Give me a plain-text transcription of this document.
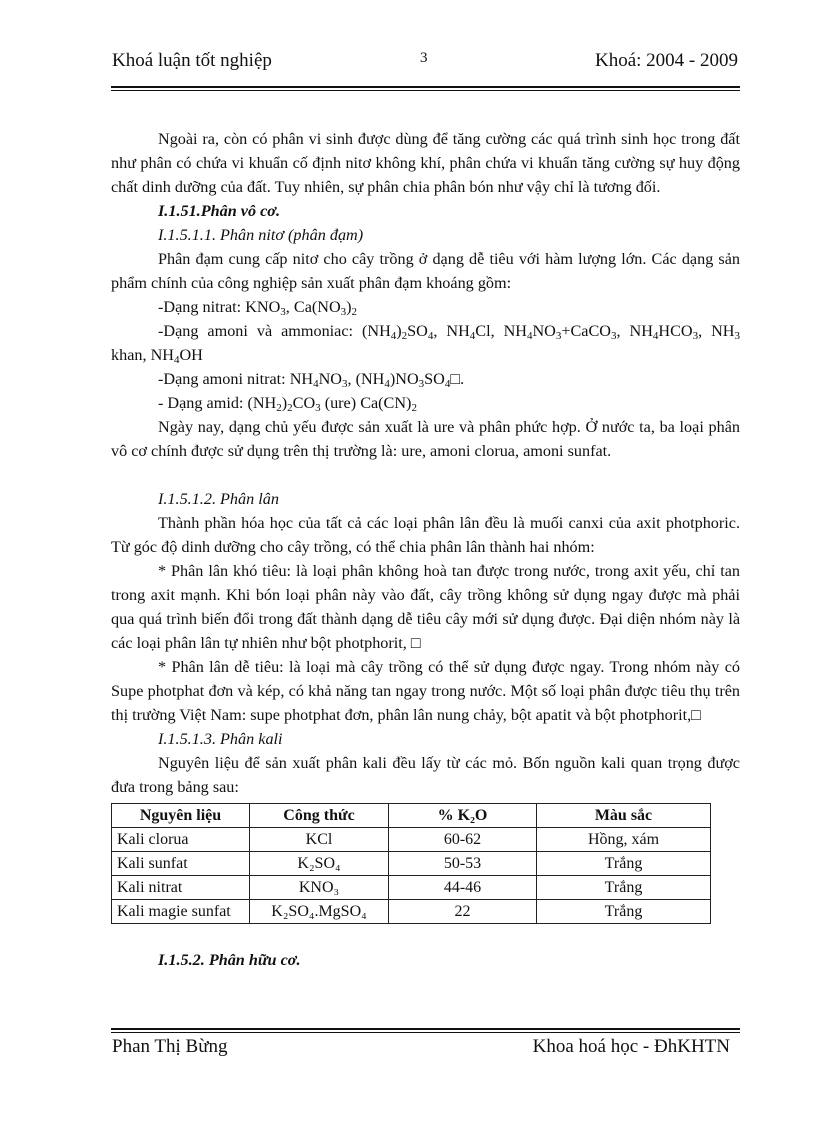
Khoá luận tốt nghiệp	3	Khoá: 2004 - 2009

Ngoài ra, còn có phân vi sinh được dùng để tăng cường các quá trình sinh học trong đất như phân có chứa vi khuẩn cố định nitơ không khí, phân chứa vi khuẩn tăng cường sự huy động chất dinh dưỡng của đất. Tuy nhiên, sự phân chia phân bón như vậy chỉ là tương đối.

I.1.51.Phân vô cơ.

I.1.5.1.1. Phân nitơ (phân đạm)

Phân đạm cung cấp nitơ cho cây trồng ở dạng dễ tiêu với hàm lượng lớn. Các dạng sản phẩm chính của công nghiệp sản xuất phân đạm khoáng gồm:

-Dạng nitrat: $KNO_3$, $Ca(NO_3)_2$

-Dạng amoni và ammoniac: $(NH_4)_2SO_4$, $NH_4Cl$, $NH_4NO_3+CaCO_3$, $NH_4HCO_3$, $NH_3$ khan, $NH_4OH$

-Dạng amoni nitrat: $NH_4NO_3$, $(NH_4)NO_3SO_4□$.

- Dạng amid: $(NH_2)_2CO_3$ (ure) $Ca(CN)_2$

Ngày nay, dạng chủ yếu được sản xuất là ure và phân phức hợp. Ở nước ta, ba loại phân vô cơ chính được sử dụng trên thị trường là: ure, amoni clorua, amoni sunfat.

I.1.5.1.2. Phân lân

Thành phần hóa học của tất cả các loại phân lân đều là muối canxi của axit photphoric. Từ góc độ dinh dưỡng cho cây trồng, có thể chia phân lân thành hai nhóm:

* Phân lân khó tiêu: là loại phân không hoà tan được trong nước, trong axit yếu, chỉ tan trong axit mạnh. Khi bón loại phân này vào đất, cây trồng không sử dụng ngay được mà phải qua quá trình biến đổi trong đất thành dạng dễ tiêu cây mới sử dụng được. Đại diện nhóm này là các loại phân lân tự nhiên như bột photphorit, □

* Phân lân dễ tiêu: là loại mà cây trồng có thể sử dụng được ngay. Trong nhóm này có Supe photphat đơn và kép, có khả năng tan ngay trong nước. Một số loại phân được tiêu thụ trên thị trường Việt Nam: supe photphat đơn, phân lân nung chảy, bột apatit và bột photphorit,□

I.1.5.1.3. Phân kali

Nguyên liệu để sản xuất phân kali đều lấy từ các mỏ. Bốn nguồn kali quan trọng được đưa trong bảng sau:

Nguyên liệu	Công thức	% K₂O	Màu sắc
Kali clorua	KCl	60-62	Hồng, xám
Kali sunfat	K₂SO₄	50-53	Trắng
Kali nitrat	KNO₃	44-46	Trắng
Kali magie sunfat	K₂SO₄.MgSO₄	22	Trắng

I.1.5.2. Phân hữu cơ.

Phan Thị Bừng	Khoa hoá học - ĐhKHTN
